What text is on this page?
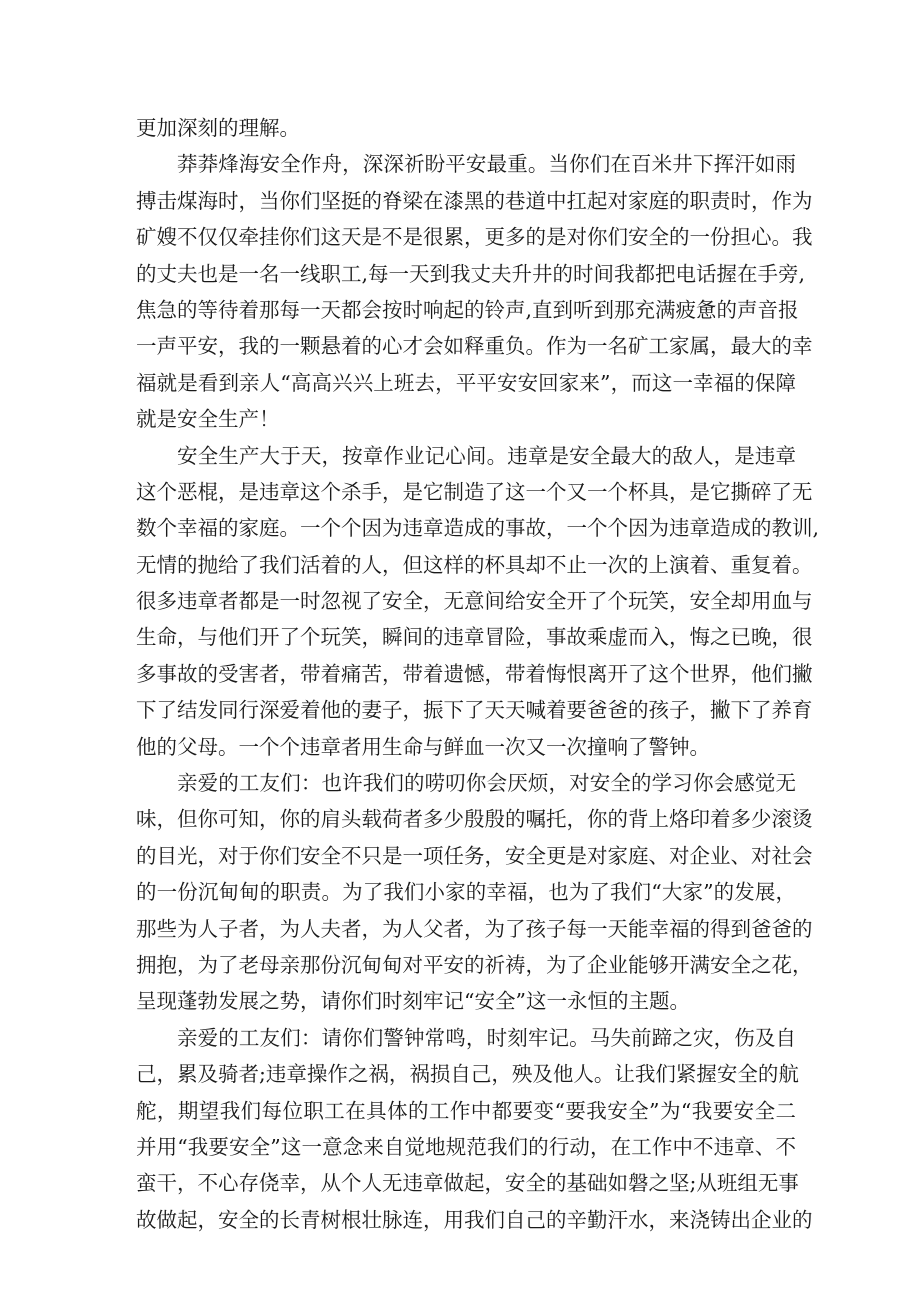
更加深刻的理解。
莽莽烽海安全作舟，深深祈盼平安最重。当你们在百米井下挥汗如雨
搏击煤海时，当你们坚挺的脊梁在漆黑的巷道中扛起对家庭的职责时，作为
矿嫂不仅仅牵挂你们这天是不是很累，更多的是对你们安全的一份担心。我
的丈夫也是一名一线职工,每一天到我丈夫升井的时间我都把电话握在手旁,
焦急的等待着那每一天都会按时响起的铃声,直到听到那充满疲惫的声音报
一声平安，我的一颗悬着的心才会如释重负。作为一名矿工家属，最大的幸
福就是看到亲人“高高兴兴上班去，平平安安回家来”，而这一幸福的保障
就是安全生产！
安全生产大于天，按章作业记心间。违章是安全最大的敌人，是违章
这个恶棍，是违章这个杀手，是它制造了这一个又一个杯具，是它撕碎了无
数个幸福的家庭。一个个因为违章造成的事故，一个个因为违章造成的教训,
无情的抛给了我们活着的人，但这样的杯具却不止一次的上演着、重复着。
很多违章者都是一时忽视了安全，无意间给安全开了个玩笑，安全却用血与
生命，与他们开了个玩笑，瞬间的违章冒险，事故乘虚而入，悔之已晚，很
多事故的受害者，带着痛苦，带着遗憾，带着悔恨离开了这个世界，他们撇
下了结发同行深爱着他的妻子，振下了天天喊着要爸爸的孩子，撇下了养育
他的父母。一个个违章者用生命与鲜血一次又一次撞响了警钟。
亲爱的工友们：也许我们的唠叨你会厌烦，对安全的学习你会感觉无
味，但你可知，你的肩头载荷者多少殷殷的嘱托，你的背上烙印着多少滚烫
的目光，对于你们安全不只是一项任务，安全更是对家庭、对企业、对社会
的一份沉甸甸的职责。为了我们小家的幸福，也为了我们“大家”的发展，
那些为人子者，为人夫者，为人父者，为了孩子每一天能幸福的得到爸爸的
拥抱，为了老母亲那份沉甸甸对平安的祈祷，为了企业能够开满安全之花，
呈现蓬勃发展之势，请你们时刻牢记“安全”这一永恒的主题。
亲爱的工友们：请你们警钟常鸣，时刻牢记。马失前蹄之灾，伤及自
己，累及骑者;违章操作之祸，祸损自己，殃及他人。让我们紧握安全的航
舵，期望我们每位职工在具体的工作中都要变“要我安全”为“我要安全二
并用“我要安全”这一意念来自觉地规范我们的行动，在工作中不违章、不
蛮干，不心存侥幸，从个人无违章做起，安全的基础如磐之坚;从班组无事
故做起，安全的长青树根壮脉连，用我们自己的辛勤汗水，来浇铸出企业的
